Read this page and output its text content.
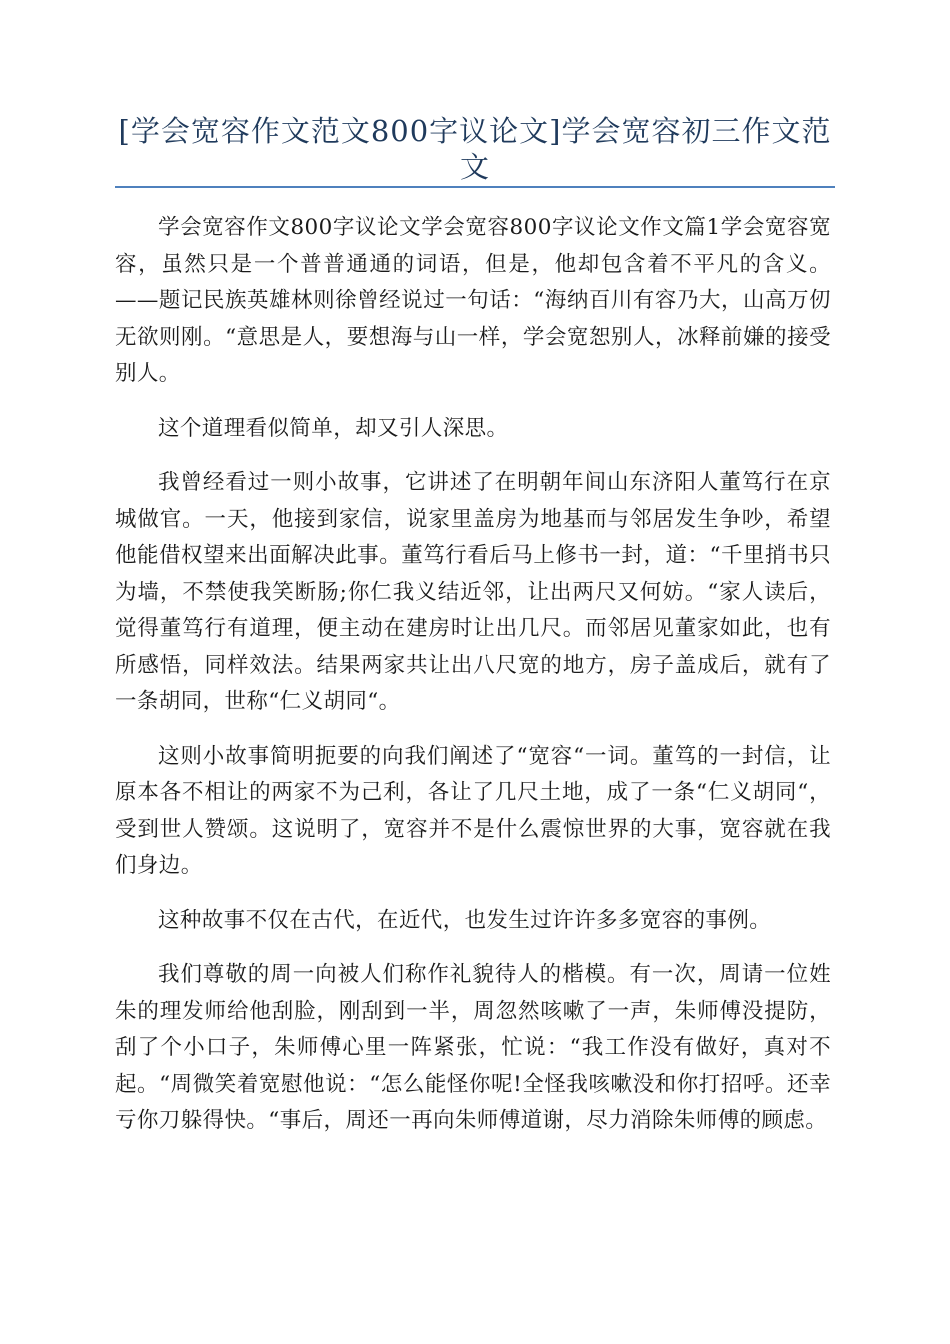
[学会宽容作文范文800字议论文]学会宽容初三作文范文

学会宽容作文800字议论文学会宽容800字议论文作文篇1学会宽容宽容，虽然只是一个普普通通的词语，但是，他却包含着不平凡的含义。——题记民族英雄林则徐曾经说过一句话：“海纳百川有容乃大，山高万仞无欲则刚。“意思是人，要想海与山一样，学会宽恕别人，冰释前嫌的接受别人。

这个道理看似简单，却又引人深思。

我曾经看过一则小故事，它讲述了在明朝年间山东济阳人董笃行在京城做官。一天，他接到家信，说家里盖房为地基而与邻居发生争吵，希望他能借权望来出面解决此事。董笃行看后马上修书一封，道：“千里捎书只为墙，不禁使我笑断肠;你仁我义结近邻，让出两尺又何妨。“家人读后，觉得董笃行有道理，便主动在建房时让出几尺。而邻居见董家如此，也有所感悟，同样效法。结果两家共让出八尺宽的地方，房子盖成后，就有了一条胡同，世称“仁义胡同“。

这则小故事简明扼要的向我们阐述了“宽容“一词。董笃的一封信，让原本各不相让的两家不为己利，各让了几尺土地，成了一条“仁义胡同“，受到世人赞颂。这说明了，宽容并不是什么震惊世界的大事，宽容就在我们身边。

这种故事不仅在古代，在近代，也发生过许许多多宽容的事例。

我们尊敬的周一向被人们称作礼貌待人的楷模。有一次，周请一位姓朱的理发师给他刮脸，刚刮到一半，周忽然咳嗽了一声，朱师傅没提防，刮了个小口子，朱师傅心里一阵紧张，忙说：“我工作没有做好，真对不起。“周微笑着宽慰他说：“怎么能怪你呢!全怪我咳嗽没和你打招呼。还幸亏你刀躲得快。“事后，周还一再向朱师傅道谢，尽力消除朱师傅的顾虑。
